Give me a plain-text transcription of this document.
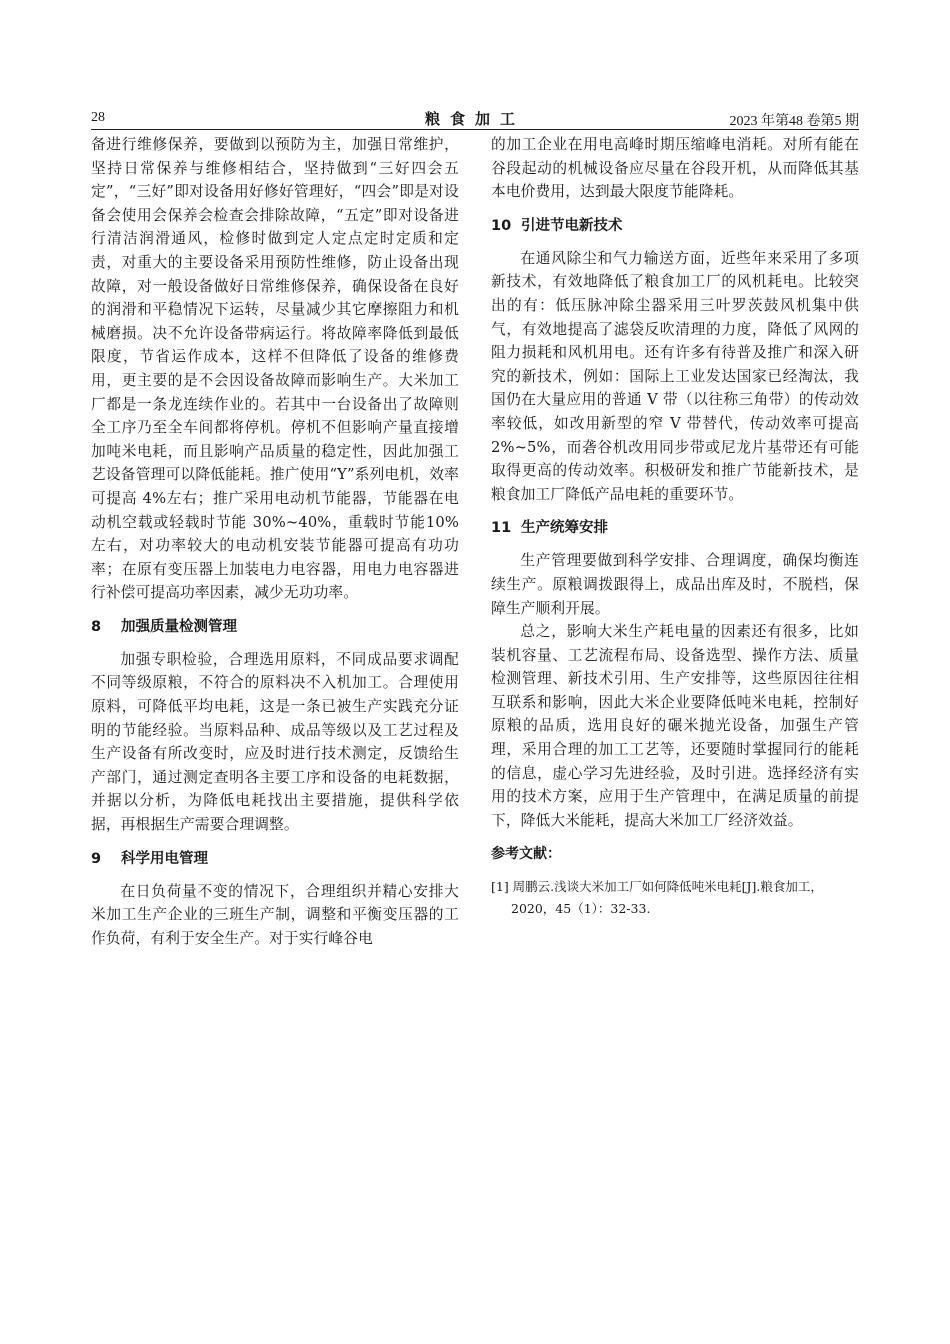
28	粮食加工	2023 年第48 卷第5 期

备进行维修保养，要做到以预防为主，加强日常维护，坚持日常保养与维修相结合，坚持做到“三好四会五定”，“三好”即对设备用好修好管理好，“四会”即是对设备会使用会保养会检查会排除故障，“五定”即对设备进行清洁润滑通风，检修时做到定人定点定时定质和定责，对重大的主要设备采用预防性维修，防止设备出现故障，对一般设备做好日常维修保养，确保设备在良好的润滑和平稳情况下运转，尽量减少其它摩擦阻力和机械磨损。决不允许设备带病运行。将故障率降低到最低限度，节省运作成本，这样不但降低了设备的维修费用，更主要的是不会因设备故障而影响生产。大米加工厂都是一条龙连续作业的。若其中一台设备出了故障则全工序乃至全车间都将停机。停机不但影响产量直接增加吨米电耗，而且影响产品质量的稳定性，因此加强工艺设备管理可以降低能耗。推广使用“Y”系列电机，效率可提高 4%左右；推广采用电动机节能器，节能器在电动机空载或轻载时节能 30%~40%，重载时节能10%左右，对功率较大的电动机安装节能器可提高有功功率；在原有变压器上加装电力电容器，用电力电容器进行补偿可提高功率因素，减少无功功率。

8 加强质量检测管理

加强专职检验，合理选用原料，不同成品要求调配不同等级原粮，不符合的原料决不入机加工。合理使用原料，可降低平均电耗，这是一条已被生产实践充分证明的节能经验。当原料品种、成品等级以及工艺过程及生产设备有所改变时，应及时进行技术测定，反馈给生产部门，通过测定查明各主要工序和设备的电耗数据，并据以分析，为降低电耗找出主要措施，提供科学依据，再根据生产需要合理调整。

9 科学用电管理

在日负荷量不变的情况下，合理组织并精心安排大米加工生产企业的三班生产制，调整和平衡变压器的工作负荷，有利于安全生产。对于实行峰谷电

的加工企业在用电高峰时期压缩峰电消耗。对所有能在谷段起动的机械设备应尽量在谷段开机，从而降低其基本电价费用，达到最大限度节能降耗。

10 引进节电新技术

在通风除尘和气力输送方面，近些年来采用了多项新技术，有效地降低了粮食加工厂的风机耗电。比较突出的有：低压脉冲除尘器采用三叶罗茨鼓风机集中供气，有效地提高了滤袋反吹清理的力度，降低了风网的阻力损耗和风机用电。还有许多有待普及推广和深入研究的新技术，例如：国际上工业发达国家已经淘汰，我国仍在大量应用的普通 V 带（以往称三角带）的传动效率较低，如改用新型的窄 V 带替代，传动效率可提高 2%~5%，而砻谷机改用同步带或尼龙片基带还有可能取得更高的传动效率。积极研发和推广节能新技术，是粮食加工厂降低产品电耗的重要环节。

11 生产统筹安排

生产管理要做到科学安排、合理调度，确保均衡连续生产。原粮调拨跟得上，成品出库及时，不脱档，保障生产顺利开展。

总之，影响大米生产耗电量的因素还有很多，比如装机容量、工艺流程布局、设备选型、操作方法、质量检测管理、新技术引用、生产安排等，这些原因往往相互联系和影响，因此大米企业要降低吨米电耗，控制好原粮的品质，选用良好的碾米抛光设备，加强生产管理，采用合理的加工工艺等，还要随时掌握同行的能耗的信息，虚心学习先进经验，及时引进。选择经济有实用的技术方案，应用于生产管理中，在满足质量的前提下，降低大米能耗，提高大米加工厂经济效益。

参考文献：

[1] 周鹏云.浅谈大米加工厂如何降低吨米电耗[J].粮食加工，2020，45（1）：32-33.
